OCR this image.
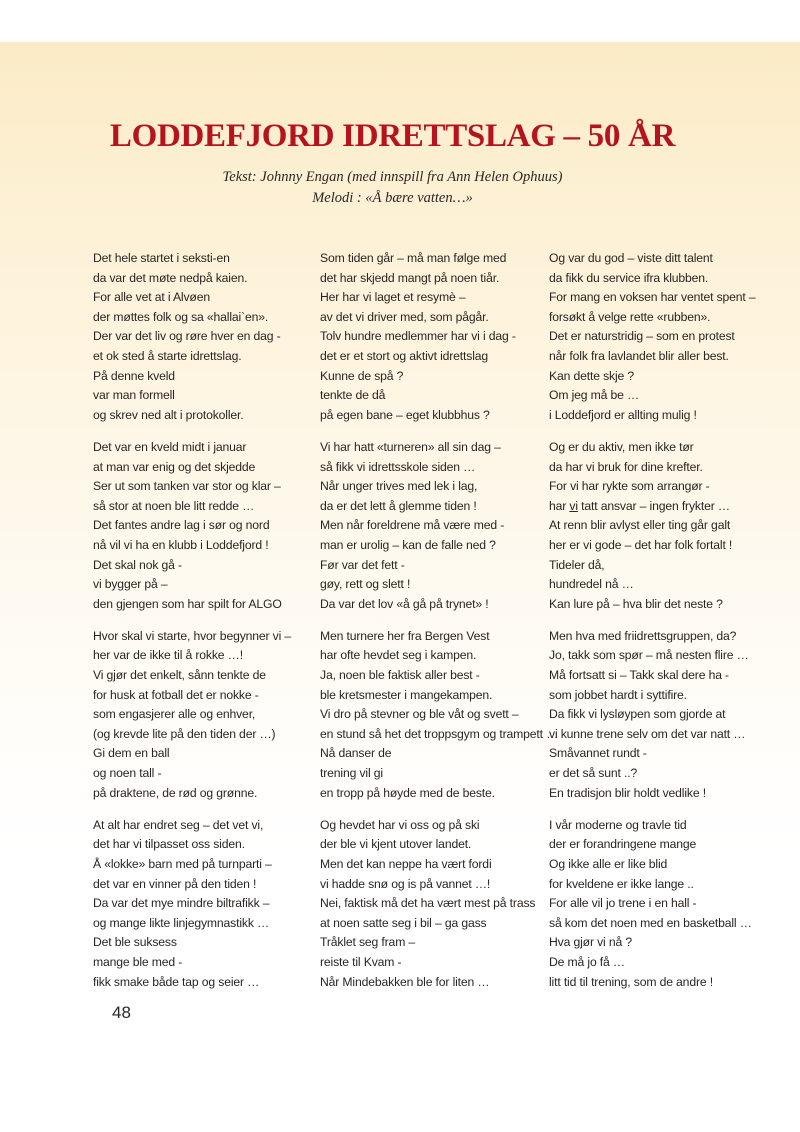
LODDEFJORD IDRETTSLAG – 50 ÅR
Tekst: Johnny Engan (med innspill fra Ann Helen Ophuus)
Melodi : «Å bære vatten…»
Det hele startet i seksti-en
da var det møte nedpå kaien.
For alle vet at i Alvøen
der møttes folk og sa «hallai`en».
Der var det liv og røre hver en dag -
et ok sted å starte idrettslag.
På denne kveld
var man formell
og skrev ned alt i protokoller.
Det var en kveld midt i januar
at man var enig og det skjedde
Ser ut som tanken var stor og klar –
så stor at noen ble litt redde …
Det fantes andre lag i sør og nord
nå vil vi ha en klubb i Loddefjord !
Det skal nok gå -
vi bygger på –
den gjengen som har spilt for ALGO
Hvor skal vi starte, hvor begynner vi –
her var de ikke til å rokke …!
Vi gjør det enkelt, sånn tenkte de
for husk at fotball det er nokke -
som engasjerer alle og enhver,
(og krevde lite på den tiden der …)
Gi dem en ball
og noen tall -
på draktene, de rød og grønne.
At alt har endret seg – det vet vi,
det har vi tilpasset oss siden.
Å «lokke» barn med på turnparti –
det var en vinner på den tiden !
Da var det mye mindre biltrafikk –
og mange likte linjegymnastikk …
Det ble suksess
mange ble med -
fikk smake både tap og seier …
Som tiden går – må man følge med
det har skjedd mangt på noen tiår.
Her har vi laget et resymè –
av det vi driver med, som pågår.
Tolv hundre medlemmer har vi i dag -
det er et stort og aktivt idrettslag
Kunne de spå ?
tenkte de då
på egen bane – eget klubbhus ?
Vi har hatt «turneren» all sin dag –
så fikk vi idrettsskole siden …
Når unger trives med lek i lag,
da er det lett å glemme tiden !
Men når foreldrene må være med -
man er urolig – kan de falle ned ?
Før var det fett -
gøy, rett og slett !
Da var det lov «å gå på trynet» !
Men turnere her fra Bergen Vest
har ofte hevdet seg i kampen.
Ja, noen ble faktisk aller best -
ble kretsmester i mangekampen.
Vi dro på stevner og ble våt og svett –
en stund så het det troppsgym og trampett …
Nå danser de
trening vil gi
en tropp på høyde med de beste.
Og hevdet har vi oss og på ski
der ble vi kjent utover landet.
Men det kan neppe ha vært fordi
vi hadde snø og is på vannet …!
Nei, faktisk må det ha vært mest på trass
at noen satte seg i bil – ga gass
Tråklet seg fram –
reiste til Kvam -
Når Mindebakken ble for liten …
Og var du god – viste ditt talent
da fikk du service ifra klubben.
For mang en voksen har ventet spent –
forsøkt å velge rette «rubben».
Det er naturstridig – som en protest
når folk fra lavlandet blir aller best.
Kan dette skje ?
Om jeg må be …
i Loddefjord er allting mulig !
Og er du aktiv, men ikke tør
da har vi bruk for dine krefter.
For vi har rykte som arrangør -
har vi tatt ansvar – ingen frykter …
At renn blir avlyst eller ting går galt
her er vi gode – det har folk fortalt !
Tideler då,
hundredel nå …
Kan lure på – hva blir det neste ?
Men hva med friidrettsgruppen, da?
Jo, takk som spør – må nesten flire …
Må fortsatt si – Takk skal dere ha -
som jobbet hardt i syttifire.
Da fikk vi lysløypen som gjorde at
vi kunne trene selv om det var natt …
Småvannet rundt -
er det så sunt ..?
En tradisjon blir holdt vedlike !
I vår moderne og travle tid
der er forandringene mange
Og ikke alle er like blid
for kveldene er ikke lange ..
For alle vil jo trene i en hall -
så kom det noen med en basketball …
Hva gjør vi nå ?
De må jo få …
litt tid til trening, som de andre !
48
